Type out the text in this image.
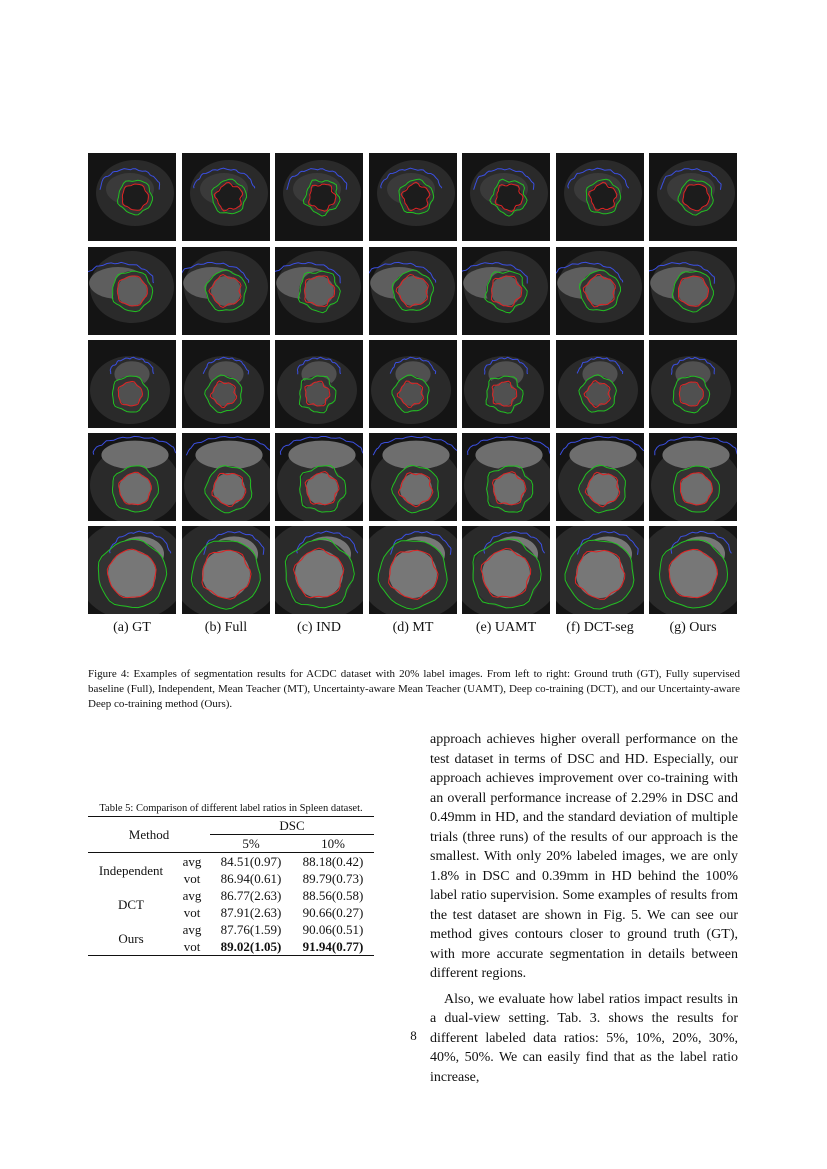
(a) GT	(b) Full	(c) IND	(d) MT	(e) UAMT	(f) DCT-seg	(g) Ours
Figure 4: Examples of segmentation results for ACDC dataset with 20% label images. From left to right: Ground truth (GT), Fully supervised baseline (Full), Independent, Mean Teacher (MT), Uncertainty-aware Mean Teacher (UAMT), Deep co-training (DCT), and our Uncertainty-aware Deep co-training method (Ours).
Table 5: Comparison of different label ratios in Spleen dataset.
Method		DSC	
		5%	10%
Independent	avg	84.51(0.97)	88.18(0.42)
	vot	86.94(0.61)	89.79(0.73)
DCT	avg	86.77(2.63)	88.56(0.58)
	vot	87.91(2.63)	90.66(0.27)
Ours	avg	87.76(1.59)	90.06(0.51)
	vot	89.02(1.05)	91.94(0.77)

approach achieves higher overall performance on the test dataset in terms of DSC and HD. Especially, our approach achieves improvement over co-training with an overall performance increase of 2.29% in DSC and 0.49mm in HD, and the standard deviation of multiple trials (three runs) of the results of our approach is the smallest. With only 20% labeled images, we are only 1.8% in DSC and 0.39mm in HD behind the 100% label ratio supervision. Some examples of results from the test dataset are shown in Fig. 5. We can see our method gives contours closer to ground truth (GT), with more accurate segmentation in details between different regions.

Also, we evaluate how label ratios impact results in a dual-view setting. Tab. 3. shows the results for different labeled data ratios: 5%, 10%, 20%, 30%, 40%, 50%. We can easily find that as the label ratio increase,

8
